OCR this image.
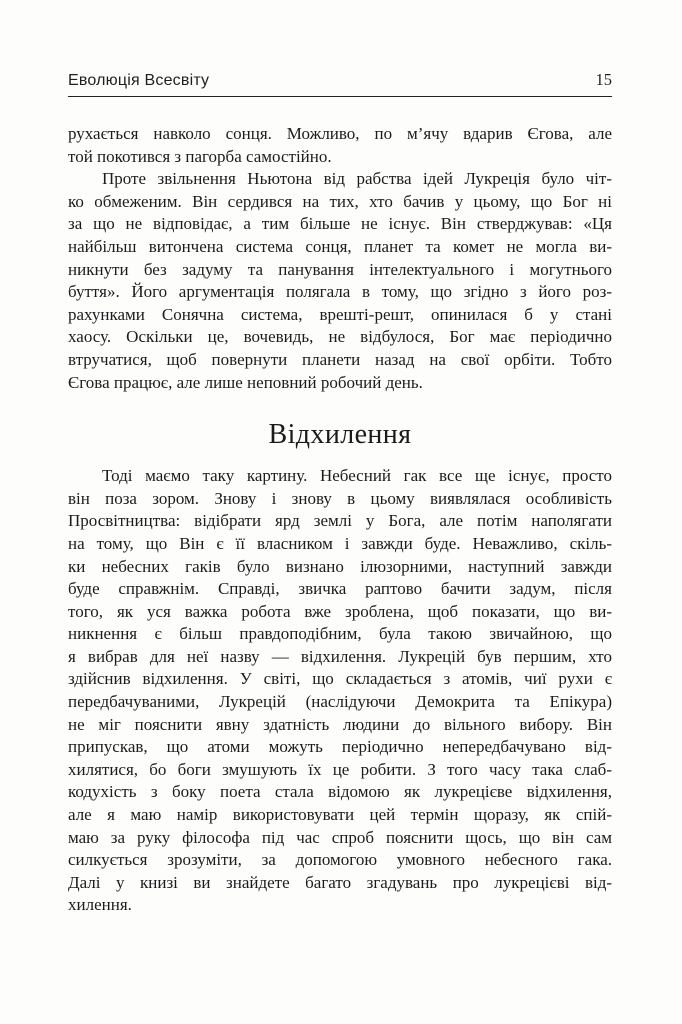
Еволюція Всесвіту	15
рухається навколо сонця. Можливо, по м’ячу вдарив Єгова, але
той покотився з пагорба самостійно.
Проте звільнення Ньютона від рабства ідей Лукреція було чіт-
ко обмеженим. Він сердився на тих, хто бачив у цьому, що Бог ні
за що не відповідає, а тим більше не існує. Він стверджував: «Ця
найбільш витончена система сонця, планет та комет не могла ви-
никнути без задуму та панування інтелектуального і могутнього
буття». Його аргументація полягала в тому, що згідно з його роз-
рахунками Сонячна система, врешті-решт, опинилася б у стані
хаосу. Оскільки це, вочевидь, не відбулося, Бог має періодично
втручатися, щоб повернути планети назад на свої орбіти. Тобто
Єгова працює, але лише неповний робочий день.
Відхилення
Тоді маємо таку картину. Небесний гак все ще існує, просто
він поза зором. Знову і знову в цьому виявлялася особливість
Просвітництва: відібрати ярд землі у Бога, але потім наполягати
на тому, що Він є її власником і завжди буде. Неважливо, скіль-
ки небесних гаків було визнано ілюзорними, наступний завжди
буде справжнім. Справді, звичка раптово бачити задум, після
того, як уся важка робота вже зроблена, щоб показати, що ви-
никнення є більш правдоподібним, була такою звичайною, що
я вибрав для неї назву — відхилення. Лукрецій був першим, хто
здійснив відхилення. У світі, що складається з атомів, чиї рухи є
передбачуваними, Лукрецій (наслідуючи Демокрита та Епікура)
не міг пояснити явну здатність людини до вільного вибору. Він
припускав, що атоми можуть періодично непередбачувано від-
хилятися, бо боги змушують їх це робити. З того часу така слаб-
кодухість з боку поета стала відомою як лукрецієве відхилення,
але я маю намір використовувати цей термін щоразу, як спій-
маю за руку філософа під час спроб пояснити щось, що він сам
силкується зрозуміти, за допомогою умовного небесного гака.
Далі у книзі ви знайдете багато згадувань про лукрецієві від-
хилення.
